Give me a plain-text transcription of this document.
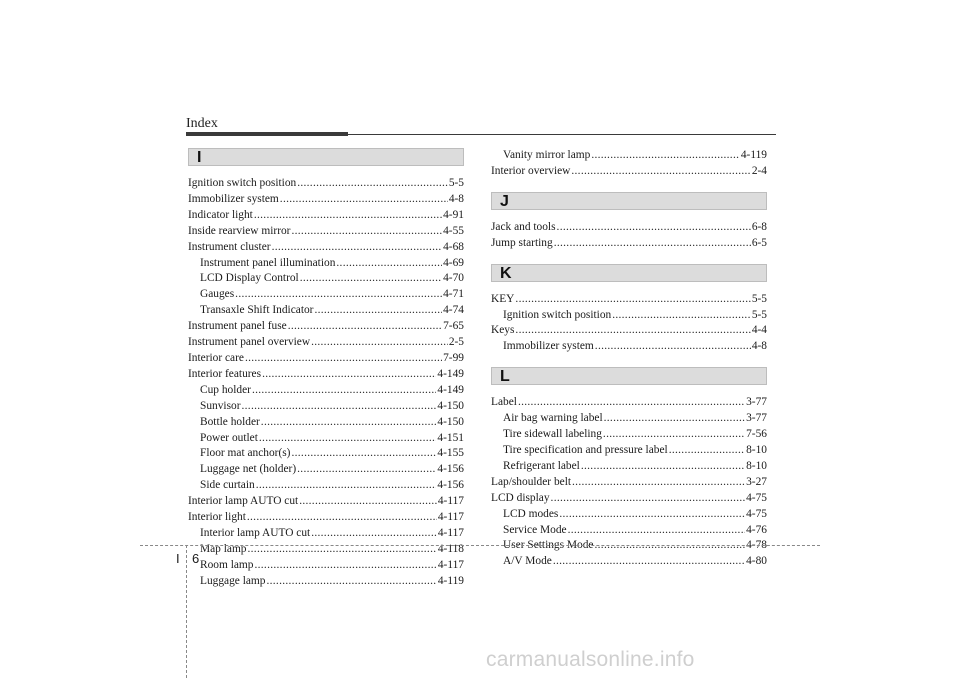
Index
I
Ignition switch position .....	5-5
Immobilizer system .....	4-8
Indicator light .....	4-91
Inside rearview mirror .....	4-55
Instrument cluster .....	4-68
Instrument panel illumination .....	4-69
LCD Display Control .....	4-70
Gauges .....	4-71
Transaxle Shift Indicator .....	4-74
Instrument panel fuse .....	7-65
Instrument panel overview .....	2-5
Interior care .....	7-99
Interior features .....	4-149
Cup holder .....	4-149
Sunvisor .....	4-150
Bottle holder .....	4-150
Power outlet .....	4-151
Floor mat anchor(s) .....	4-155
Luggage net (holder) .....	4-156
Side curtain .....	4-156
Interior lamp AUTO cut .....	4-117
Interior light .....	4-117
Interior lamp AUTO cut .....	4-117
Map lamp .....	4-118
Room lamp .....	4-117
Luggage lamp .....	4-119
Vanity mirror lamp .....	4-119
Interior overview .....	2-4
J
Jack and tools .....	6-8
Jump starting .....	6-5
K
KEY .....	5-5
Ignition switch position .....	5-5
Keys .....	4-4
Immobilizer system .....	4-8
L
Label .....	3-77
Air bag warning label .....	3-77
Tire sidewall labeling .....	7-56
Tire specification and pressure label .....	8-10
Refrigerant label .....	8-10
Lap/shoulder belt .....	3-27
LCD display .....	4-75
LCD modes .....	4-75
Service Mode .....	4-76
User Settings Mode .....	4-78
A/V Mode .....	4-80
I 6
carmanualsonline.info
